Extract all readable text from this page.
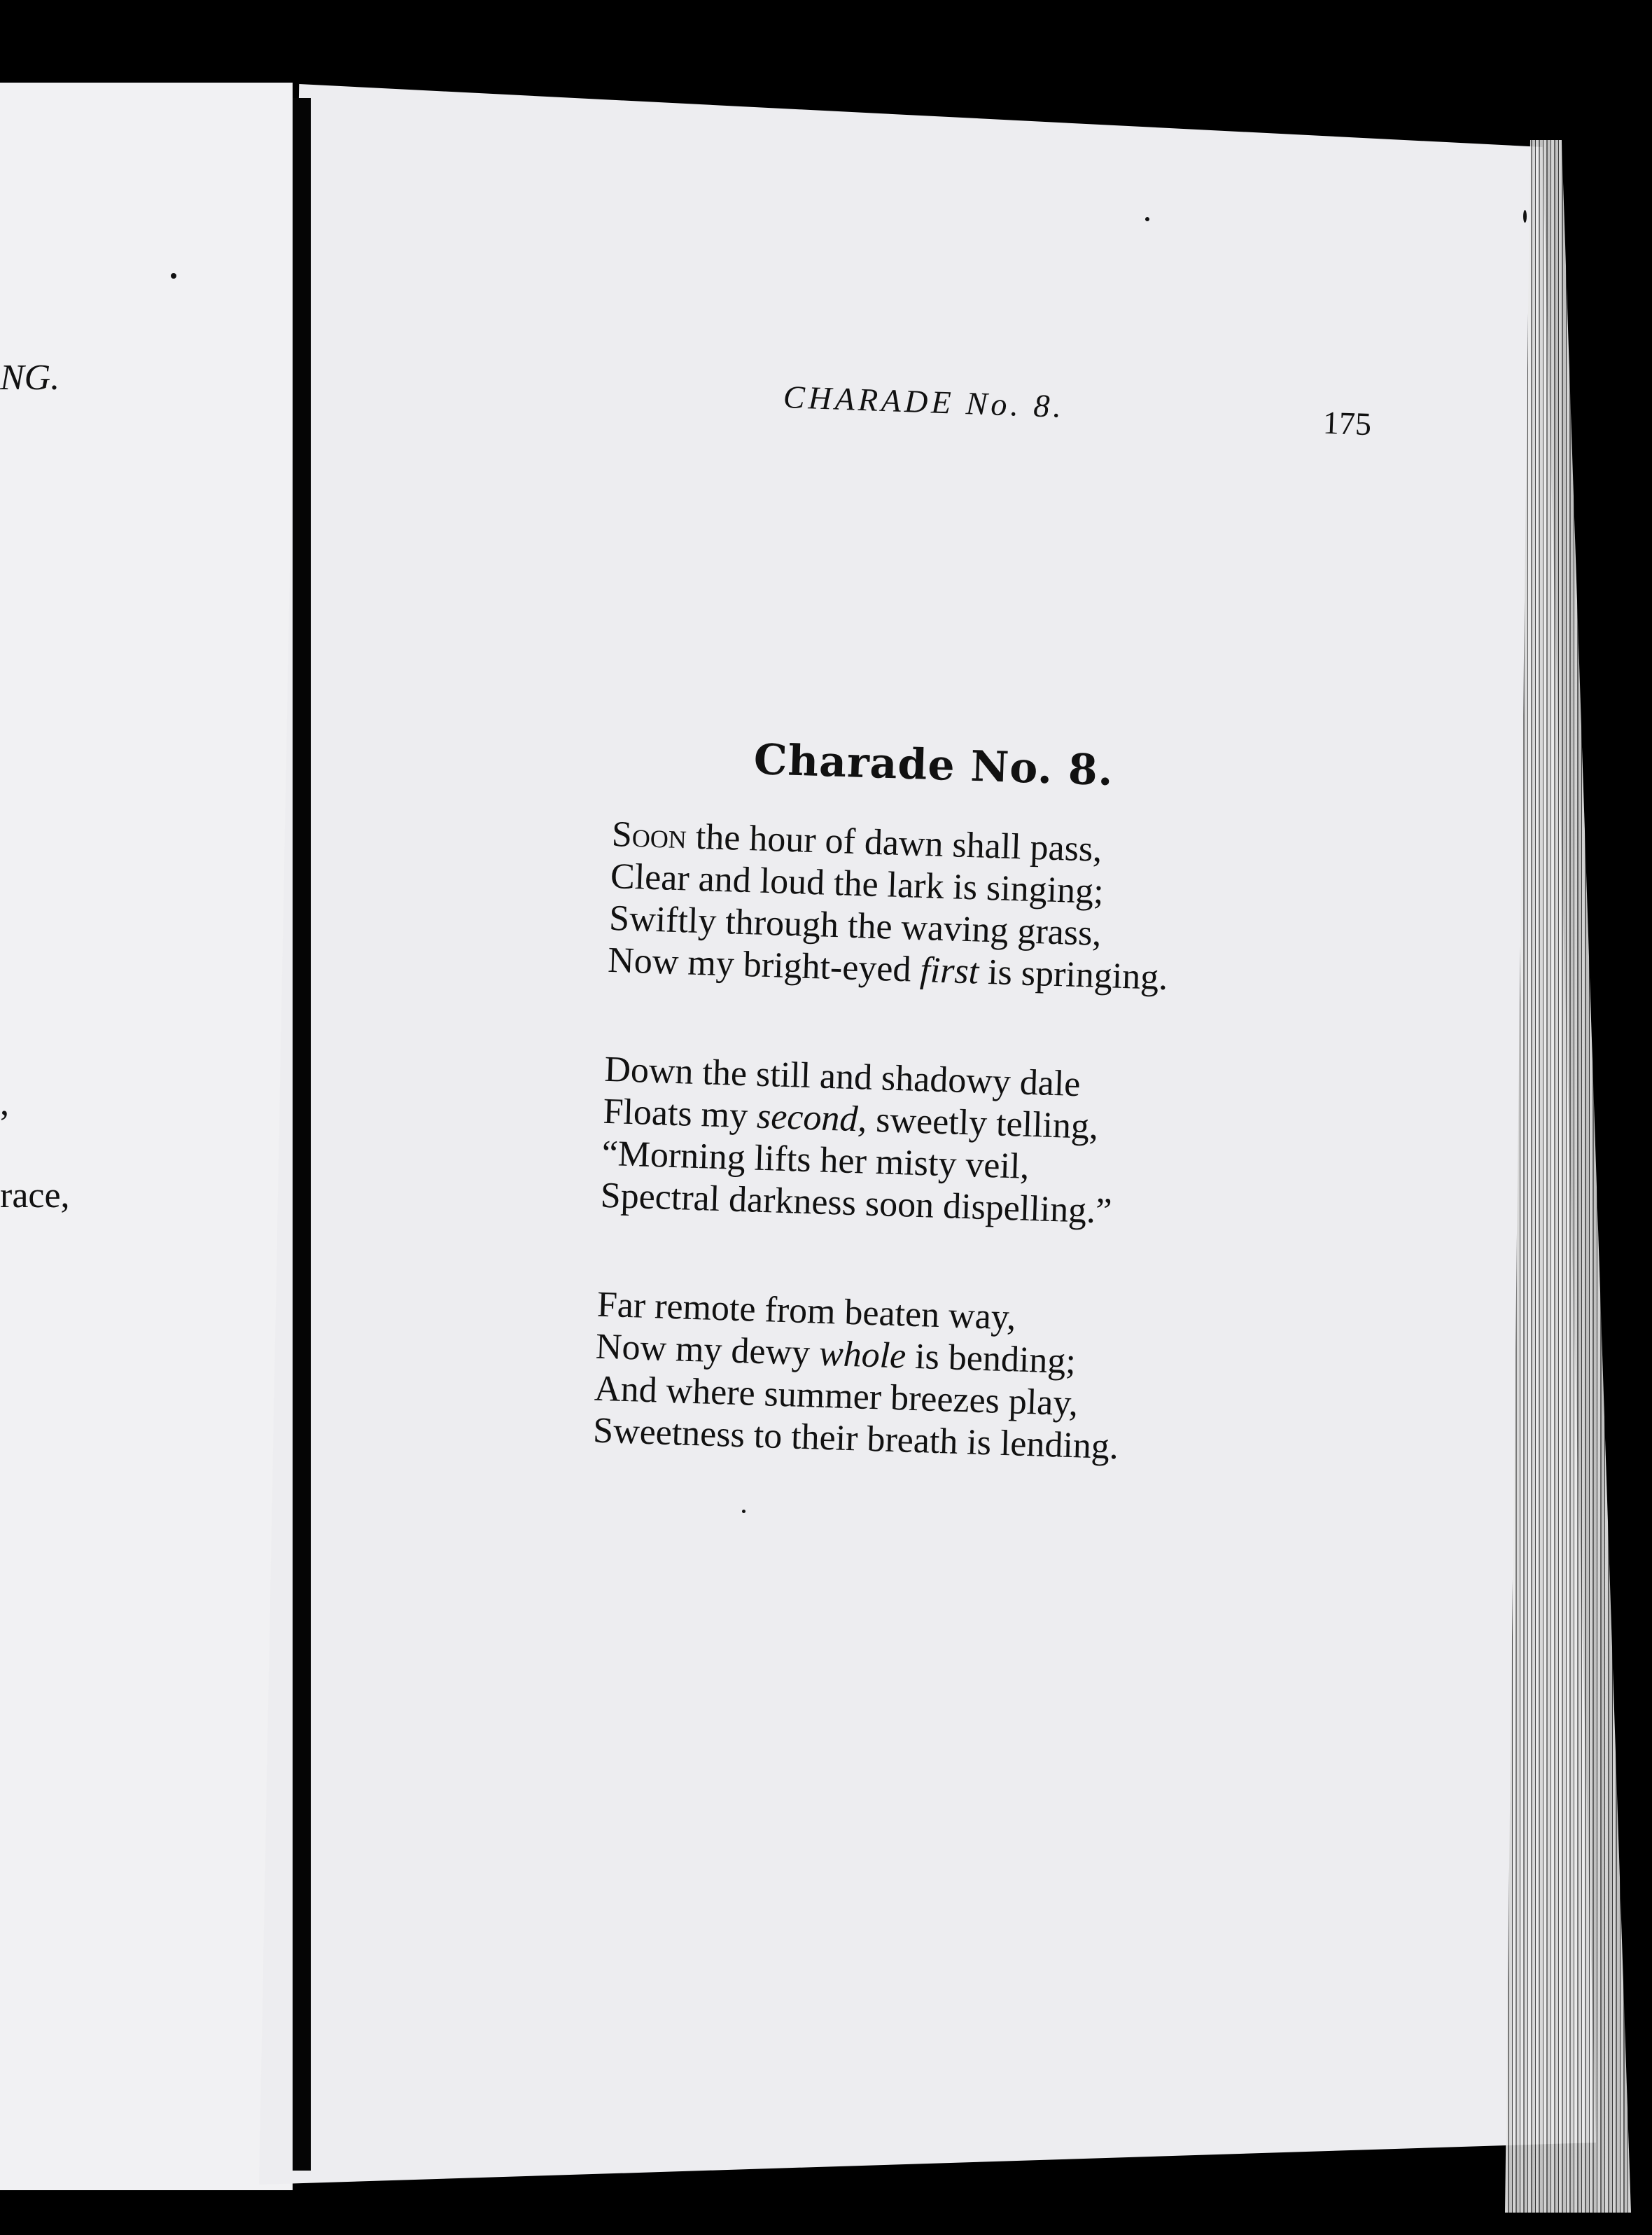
NG.
,
race,
CHARADE No. 8.	175
Charade No. 8.
Soon the hour of dawn shall pass,
Clear and loud the lark is singing;
Swiftly through the waving grass,
Now my bright-eyed first is springing.
Down the still and shadowy dale
Floats my second, sweetly telling,
“Morning lifts her misty veil,
Spectral darkness soon dispelling.”
Far remote from beaten way,
Now my dewy whole is bending;
And where summer breezes play,
Sweetness to their breath is lending.
